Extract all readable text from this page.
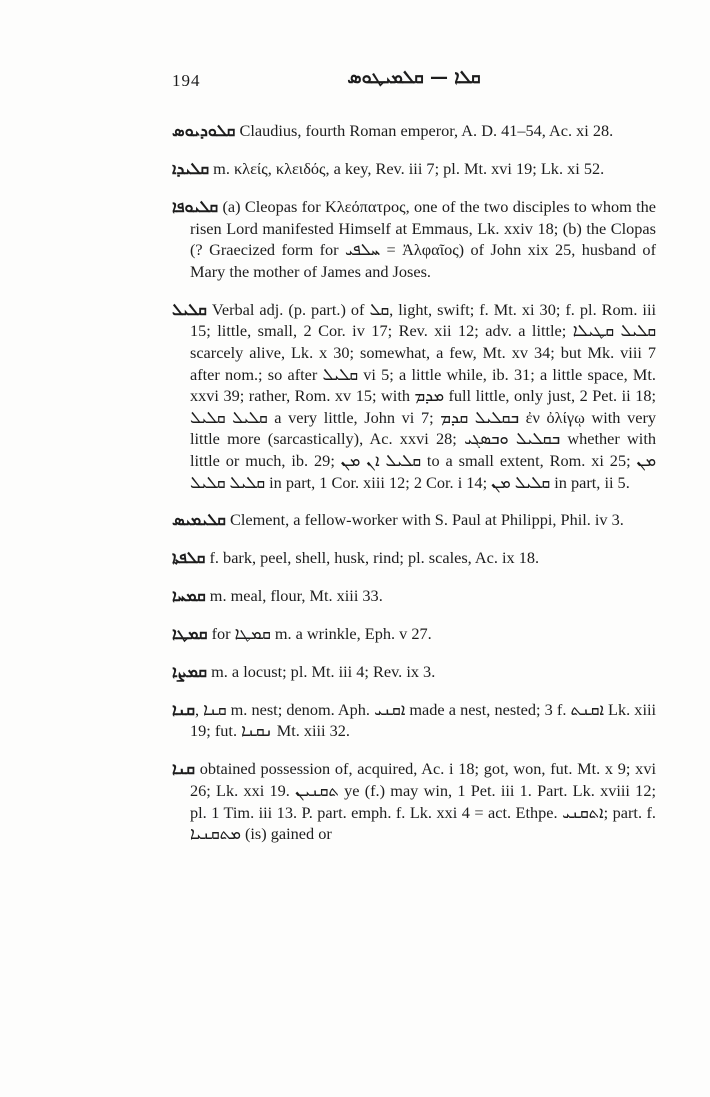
194	ܩܠܐ — ܩܠܡܝܛܘܣ

ܩܠܘܕܝܘܣ Claudius, fourth Roman emperor, A. D. 41–54, Ac. xi 28.

ܩܠܝܕܐ m. κλείς, κλειδός, a key, Rev. iii 7; pl. Mt. xvi 19; Lk. xi 52.

ܩܠܝܘܦܐ (a) Cleopas for Κλεόπατρος, one of the two disciples to whom the risen Lord manifested Himself at Emmaus, Lk. xxiv 18; (b) the Clopas (? Graecized form for ܚܠܦܝ = Ἀλφαῖος) of John xix 25, husband of Mary the mother of James and Joses.

ܩܠܝܠ Verbal adj. (p. part.) of ܩܠ, light, swift; f. Mt. xi 30; f. pl. Rom. iii 15; little, small, 2 Cor. iv 17; Rev. xii 12; adv. a little; ܩܠܝܠ ܩܛܝܠܐ scarcely alive, Lk. x 30; somewhat, a few, Mt. xv 34; but Mk. viii 7 after nom.; so after ܩܠܝܠ vi 5; a little while, ib. 31; a little space, Mt. xxvi 39; rather, Rom. xv 15; with ܡܕܡ full little, only just, 2 Pet. ii 18; ܩܠܝܠ ܩܠܝܠ a very little, John vi 7; ܒܩܠܝܠ ܩܕܡ ἐν ὀλίγῳ with very little more (sarcastically), Ac. xxvi 28; ܒܩܠܝܠ ܘܒܣܓܝ whether with little or much, ib. 29; ܩܠܝܠ ܐܢ ܡܢ to a small extent, Rom. xi 25; ܡܢ ܩܠܝܠ ܩܠܝܠ in part, 1 Cor. xiii 12; 2 Cor. i 14; ܩܠܝܠ ܡܢ in part, ii 5.

ܩܠܝܡܝܣ Clement, a fellow-worker with S. Paul at Philippi, Phil. iv 3.

ܩܠܦܬܐ f. bark, peel, shell, husk, rind; pl. scales, Ac. ix 18.

ܩܡܚܐ m. meal, flour, Mt. xiii 33.

ܩܡܛܐ for ܩܡܛܐ m. a wrinkle, Eph. v 27.

ܩܡܨܐ m. a locust; pl. Mt. iii 4; Rev. ix 3.

ܩܢܐ, ܩܢܐ m. nest; denom. Aph. ܐܩܢܝ made a nest, nested; 3 f. ܐܩܢܬ Lk. xiii 19; fut. ܢܩܢܐ Mt. xiii 32.

ܩܢܐ obtained possession of, acquired, Ac. i 18; got, won, fut. Mt. x 9; xvi 26; Lk. xxi 19. ܬܩܢܝܢ ye (f.) may win, 1 Pet. iii 1. Part. Lk. xviii 12; pl. 1 Tim. iii 13. P. part. emph. f. Lk. xxi 4 = act. Ethpe. ܐܬܩܢܝ; part. f. ܡܬܩܢܝܐ (is) gained or
